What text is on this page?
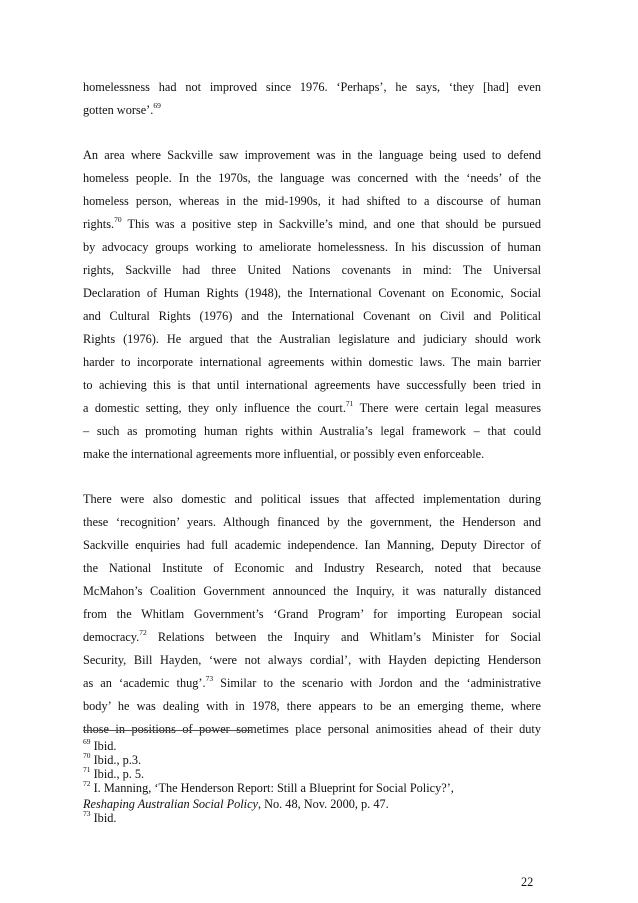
homelessness had not improved since 1976. ‘Perhaps’, he says, ‘they [had] even

gotten worse’.$^{69}$

An area where Sackville saw improvement was in the language being used to defend

homeless people. In the 1970s, the language was concerned with the ‘needs’ of the

homeless person, whereas in the mid-1990s, it had shifted to a discourse of human

rights.$^{70}$ This was a positive step in Sackville’s mind, and one that should be pursued

by advocacy groups working to ameliorate homelessness. In his discussion of human

rights, Sackville had three United Nations covenants in mind: The Universal

Declaration of Human Rights (1948), the International Covenant on Economic, Social

and Cultural Rights (1976) and the International Covenant on Civil and Political

Rights (1976). He argued that the Australian legislature and judiciary should work

harder to incorporate international agreements within domestic laws. The main barrier

to achieving this is that until international agreements have successfully been tried in

a domestic setting, they only influence the court.$^{71}$ There were certain legal measures

– such as promoting human rights within Australia’s legal framework – that could

make the international agreements more influential, or possibly even enforceable.

There were also domestic and political issues that affected implementation during

these ‘recognition’ years. Although financed by the government, the Henderson and

Sackville enquiries had full academic independence. Ian Manning, Deputy Director of

the National Institute of Economic and Industry Research, noted that because

McMahon’s Coalition Government announced the Inquiry, it was naturally distanced

from the Whitlam Government’s ‘Grand Program’ for importing European social

democracy.$^{72}$ Relations between the Inquiry and Whitlam’s Minister for Social

Security, Bill Hayden, ‘were not always cordial’, with Hayden depicting Henderson

as an ‘academic thug’.$^{73}$ Similar to the scenario with Jordon and the ‘administrative

body’ he was dealing with in 1978, there appears to be an emerging theme, where

those in positions of power sometimes place personal animosities ahead of their duty

$^{69}$ Ibid.

$^{70}$ Ibid., p.3.

$^{71}$ Ibid., p. 5.

$^{72}$ I. Manning, ‘The Henderson Report: Still a Blueprint for Social Policy?’,

Reshaping Australian Social Policy, No. 48, Nov. 2000, p. 47.

$^{73}$ Ibid.

22
